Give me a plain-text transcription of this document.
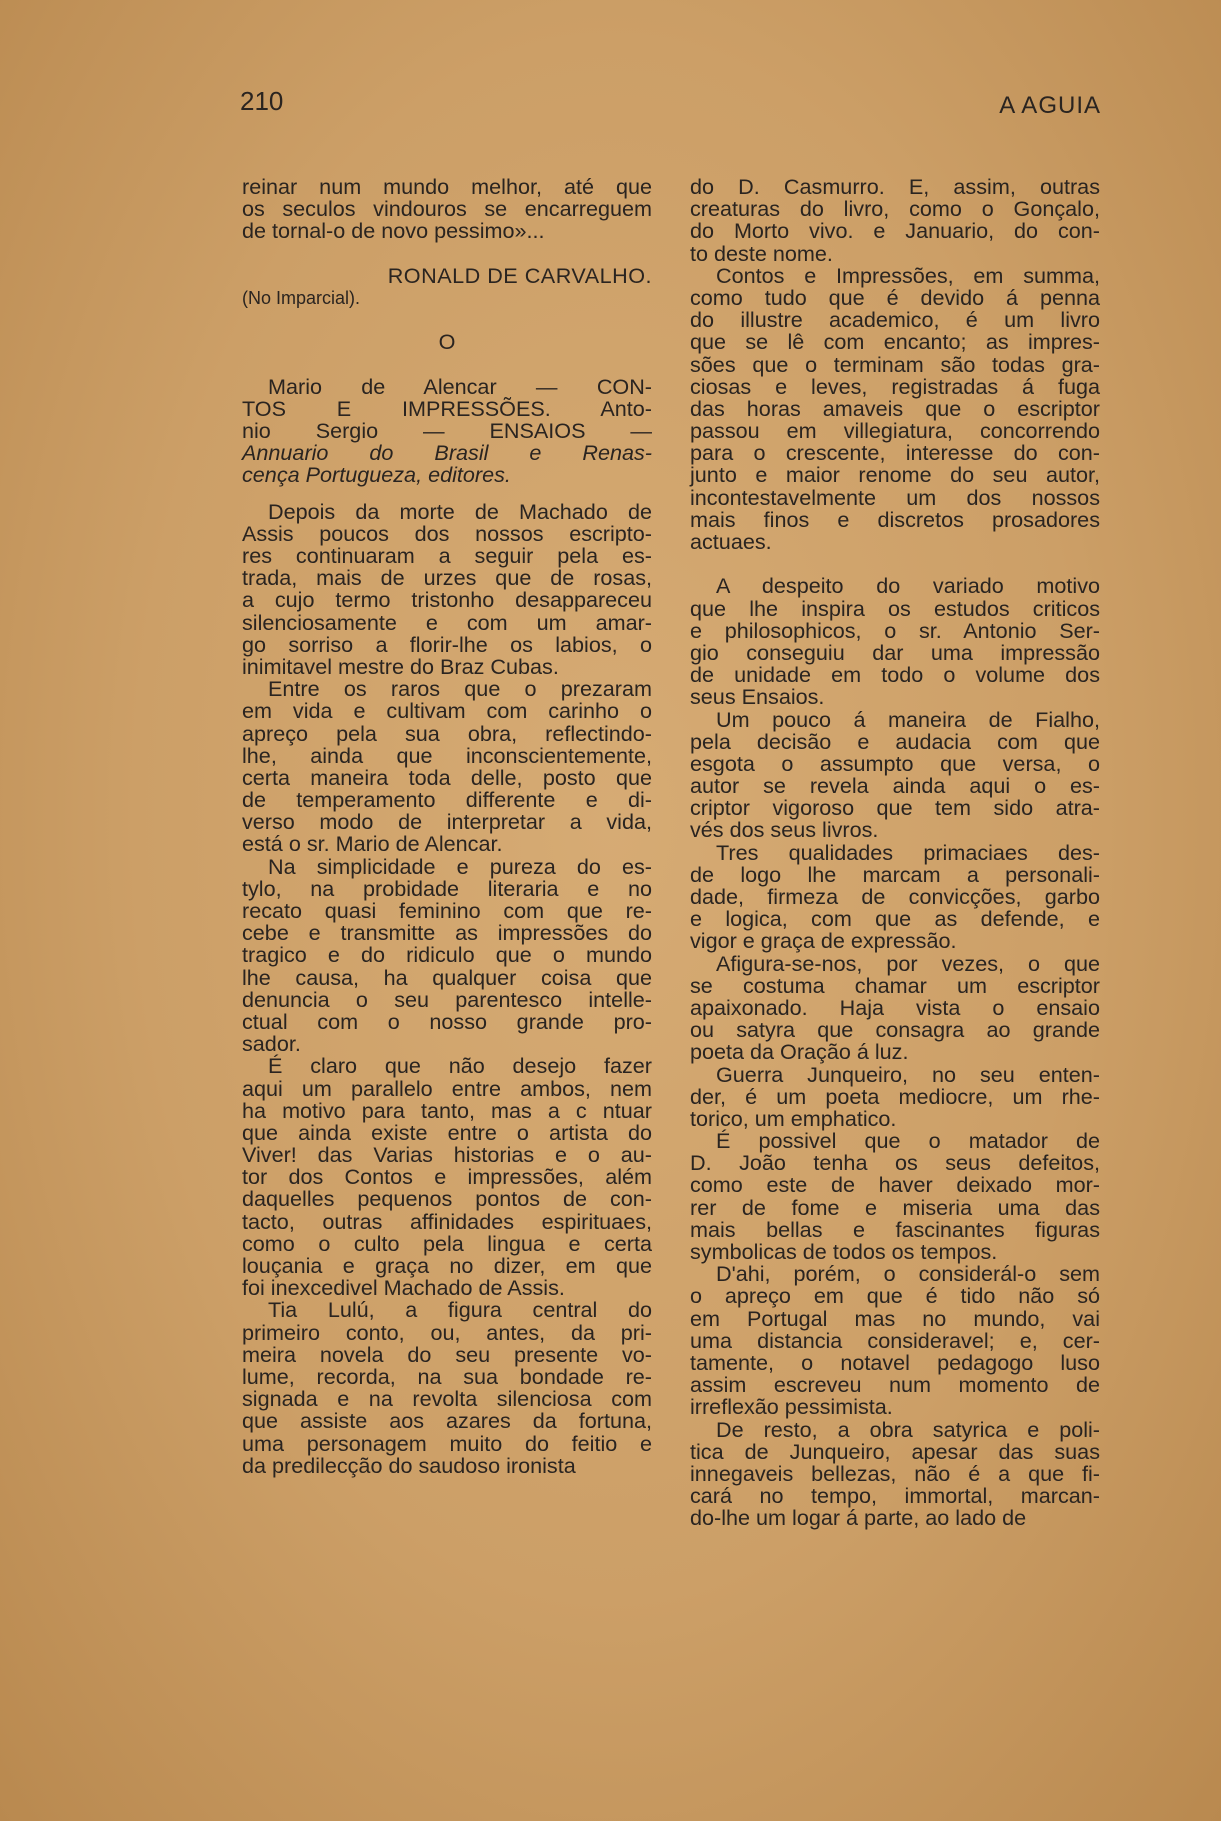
210	A AGUIA
reinar num mundo melhor, até que
os seculos vindouros se encarreguem
de tornal-o de novo pessimo»...
RONALD DE CARVALHO.
(No Imparcial).
O
Mario de Alencar — CON-
TOS E IMPRESSÕES. Anto-
nio Sergio — ENSAIOS —
Annuario do Brasil e Renas-
cença Portugueza, editores.
Depois da morte de Machado de
Assis poucos dos nossos escripto-
res continuaram a seguir pela es-
trada, mais de urzes que de rosas,
a cujo termo tristonho desappareceu
silenciosamente e com um amar-
go sorriso a florir-lhe os labios, o
inimitavel mestre do Braz Cubas.
Entre os raros que o prezaram
em vida e cultivam com carinho o
apreço pela sua obra, reflectindo-
lhe, ainda que inconscientemente,
certa maneira toda delle, posto que
de temperamento differente e di-
verso modo de interpretar a vida,
está o sr. Mario de Alencar.
Na simplicidade e pureza do es-
tylo, na probidade literaria e no
recato quasi feminino com que re-
cebe e transmitte as impressões do
tragico e do ridiculo que o mundo
lhe causa, ha qualquer coisa que
denuncia o seu parentesco intelle-
ctual com o nosso grande pro-
sador.
É claro que não desejo fazer
aqui um parallelo entre ambos, nem
ha motivo para tanto, mas a c ntuar
que ainda existe entre o artista do
Viver! das Varias historias e o au-
tor dos Contos e impressões, além
daquelles pequenos pontos de con-
tacto, outras affinidades espirituaes,
como o culto pela lingua e certa
louçania e graça no dizer, em que
foi inexcedivel Machado de Assis.
Tia Lulú, a figura central do
primeiro conto, ou, antes, da pri-
meira novela do seu presente vo-
lume, recorda, na sua bondade re-
signada e na revolta silenciosa com
que assiste aos azares da fortuna,
uma personagem muito do feitio e
da predilecção do saudoso ironista
do D. Casmurro. E, assim, outras
creaturas do livro, como o Gonçalo,
do Morto vivo. e Januario, do con-
to deste nome.
Contos e Impressões, em summa,
como tudo que é devido á penna
do illustre academico, é um livro
que se lê com encanto; as impres-
sões que o terminam são todas gra-
ciosas e leves, registradas á fuga
das horas amaveis que o escriptor
passou em villegiatura, concorrendo
para o crescente, interesse do con-
junto e maior renome do seu autor,
incontestavelmente um dos nossos
mais finos e discretos prosadores
actuaes.
A despeito do variado motivo
que lhe inspira os estudos criticos
e philosophicos, o sr. Antonio Ser-
gio conseguiu dar uma impressão
de unidade em todo o volume dos
seus Ensaios.
Um pouco á maneira de Fialho,
pela decisão e audacia com que
esgota o assumpto que versa, o
autor se revela ainda aqui o es-
criptor vigoroso que tem sido atra-
vés dos seus livros.
Tres qualidades primaciaes des-
de logo lhe marcam a personali-
dade, firmeza de convicções, garbo
e logica, com que as defende, e
vigor e graça de expressão.
Afigura-se-nos, por vezes, o que
se costuma chamar um escriptor
apaixonado. Haja vista o ensaio
ou satyra que consagra ao grande
poeta da Oração á luz.
Guerra Junqueiro, no seu enten-
der, é um poeta mediocre, um rhe-
torico, um emphatico.
É possivel que o matador de
D. João tenha os seus defeitos,
como este de haver deixado mor-
rer de fome e miseria uma das
mais bellas e fascinantes figuras
symbolicas de todos os tempos.
D'ahi, porém, o considerál-o sem
o apreço em que é tido não só
em Portugal mas no mundo, vai
uma distancia consideravel; e, cer-
tamente, o notavel pedagogo luso
assim escreveu num momento de
irreflexão pessimista.
De resto, a obra satyrica e poli-
tica de Junqueiro, apesar das suas
innegaveis bellezas, não é a que fi-
cará no tempo, immortal, marcan-
do-lhe um logar á parte, ao lado de
